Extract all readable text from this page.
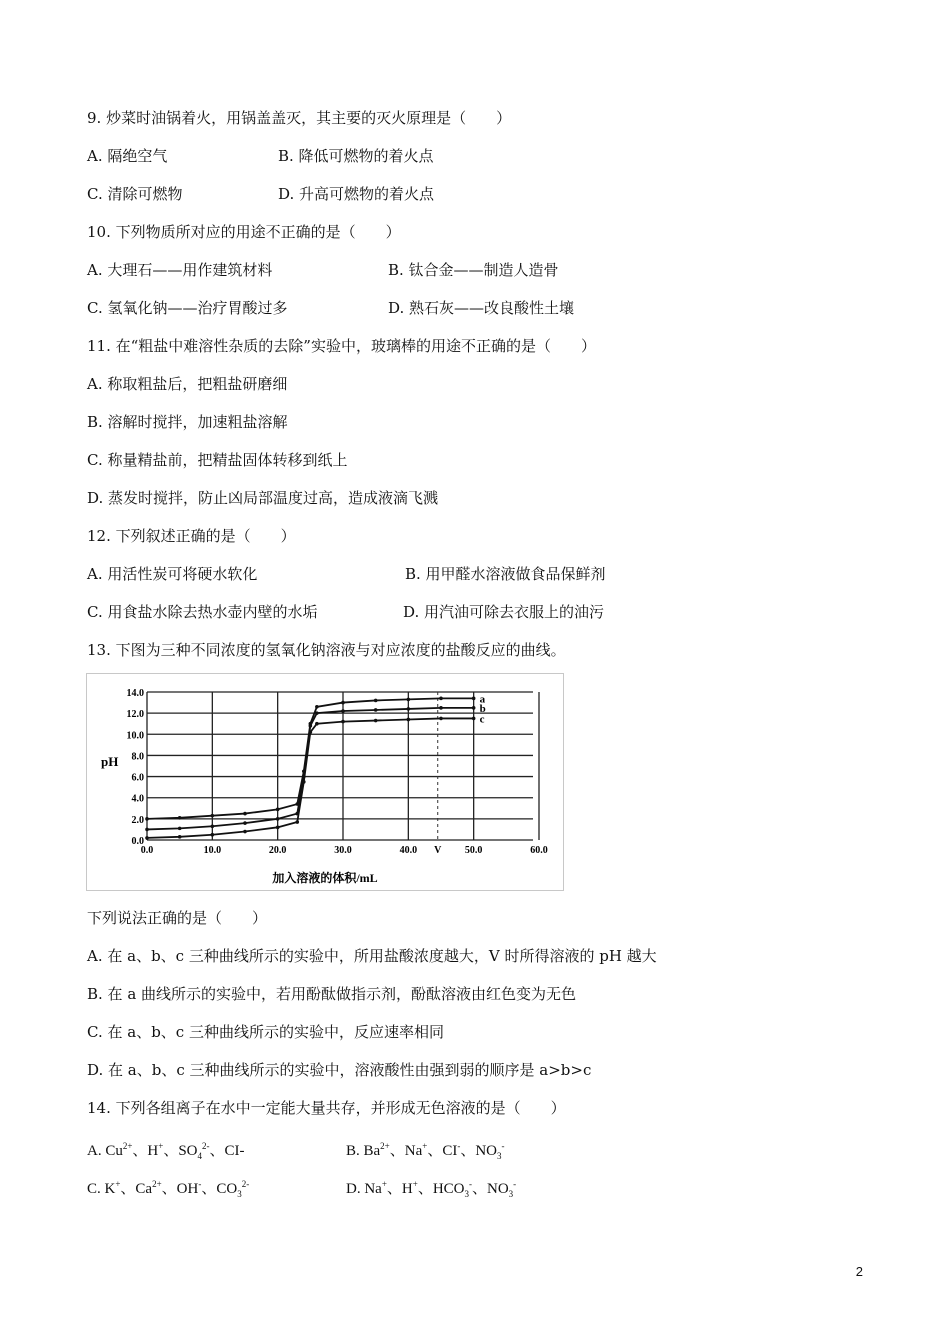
9. 炒菜时油锅着火，用锅盖盖灭，其主要的灭火原理是（　　）
A. 隔绝空气	B. 降低可燃物的着火点
C. 清除可燃物	D. 升高可燃物的着火点
10. 下列物质所对应的用途不正确的是（　　）
A. 大理石——用作建筑材料	B. 钛合金——制造人造骨
C. 氢氧化钠——治疗胃酸过多	D. 熟石灰——改良酸性土壤
11. 在“粗盐中难溶性杂质的去除”实验中，玻璃棒的用途不正确的是（　　）
A. 称取粗盐后，把粗盐研磨细
B. 溶解时搅拌，加速粗盐溶解
C. 称量精盐前，把精盐固体转移到纸上
D. 蒸发时搅拌，防止凶局部温度过高，造成液滴飞溅
12. 下列叙述正确的是（　　）
A. 用活性炭可将硬水软化	B. 用甲醛水溶液做食品保鲜剂
C. 用食盐水除去热水壶内壁的水垢	D. 用汽油可除去衣服上的油污
13. 下图为三种不同浓度的氢氧化钠溶液与对应浓度的盐酸反应的曲线。
0.0
2.0
4.0
6.0
8.0
10.0
12.0
14.0
0.0	10.0	20.0	30.0	40.0 V 50.0	60.0
a
b
c
pH
加入溶液的体积/mL
下列说法正确的是（　　）
A. 在 a、b、c 三种曲线所示的实验中，所用盐酸浓度越大，V 时所得溶液的 pH 越大
B. 在 a 曲线所示的实验中，若用酚酞做指示剂，酚酞溶液由红色变为无色
C. 在 a、b、c 三种曲线所示的实验中，反应速率相同
D. 在 a、b、c 三种曲线所示的实验中，溶液酸性由强到弱的顺序是 a>b>c
14. 下列各组离子在水中一定能大量共存，并形成无色溶液的是（　　）
A. $Cu^{2+}$、H+、$SO_4^{2-}$、CI-	B. $Ba^{2+}$、Na+、CI-、$NO_3^-$
C. K+、$Ca^{2+}$、OH-、$CO_3^{2-}$	D. Na+、H+、$HCO_3^-$、$NO_3^-$
2
